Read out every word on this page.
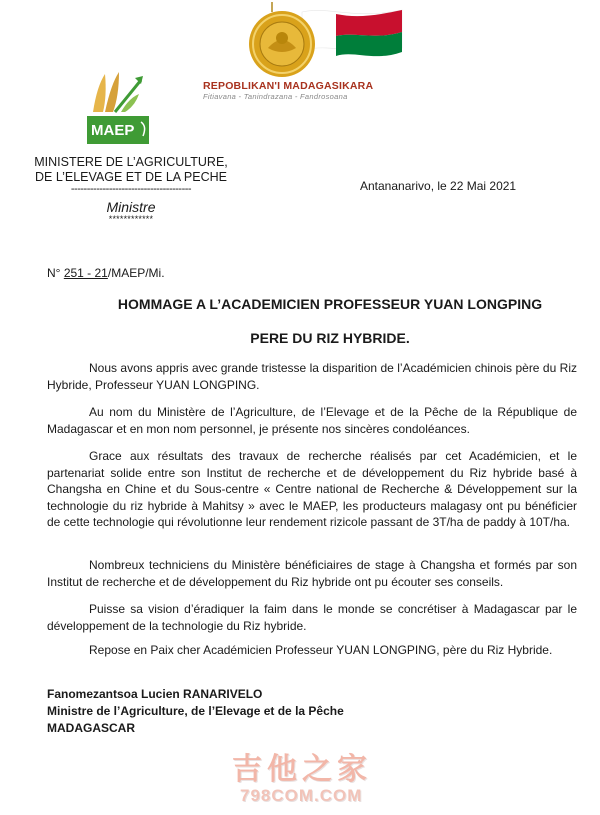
REPOBLIKAN'I MADAGASIKARA
Fitiavana - Tanindrazana - Fandrosoana
MAEP
MINISTERE DE L’AGRICULTURE,
DE L’ELEVAGE ET DE LA PECHE
--------------------------------------
Ministre
************
Antananarivo, le 22 Mai 2021
N° 251 - 21/MAEP/Mi.
HOMMAGE A L’ACADEMICIEN PROFESSEUR YUAN LONGPING
PERE DU RIZ HYBRIDE.
Nous avons appris avec grande tristesse la disparition de l’Académicien chinois père du Riz Hybride, Professeur YUAN LONGPING.
Au nom du Ministère de l’Agriculture, de l’Elevage et de la Pêche de la République de Madagascar et en mon nom personnel, je présente nos sincères condoléances.
Grace aux résultats des travaux de recherche réalisés par cet Académicien, et le partenariat solide entre son Institut de recherche et de développement du Riz hybride basé à Changsha en Chine et du Sous-centre « Centre national de Recherche & Développement sur la technologie du riz hybride à Mahitsy » avec le MAEP, les producteurs malagasy ont pu bénéficier de cette technologie qui révolutionne leur rendement rizicole passant de 3T/ha de paddy à 10T/ha.
Nombreux techniciens du Ministère bénéficiaires de stage à Changsha et formés par son Institut de recherche et de développement du Riz hybride ont pu écouter ses conseils.
Puisse sa vision d’éradiquer la faim dans le monde se concrétiser à Madagascar par le développement de la technologie du Riz hybride.
Repose en Paix cher Académicien Professeur YUAN LONGPING, père du Riz Hybride.
Fanomezantsoa Lucien RANARIVELO
Ministre de l’Agriculture, de l’Elevage et de la Pêche
MADAGASCAR
吉他之家
798COM.COM
